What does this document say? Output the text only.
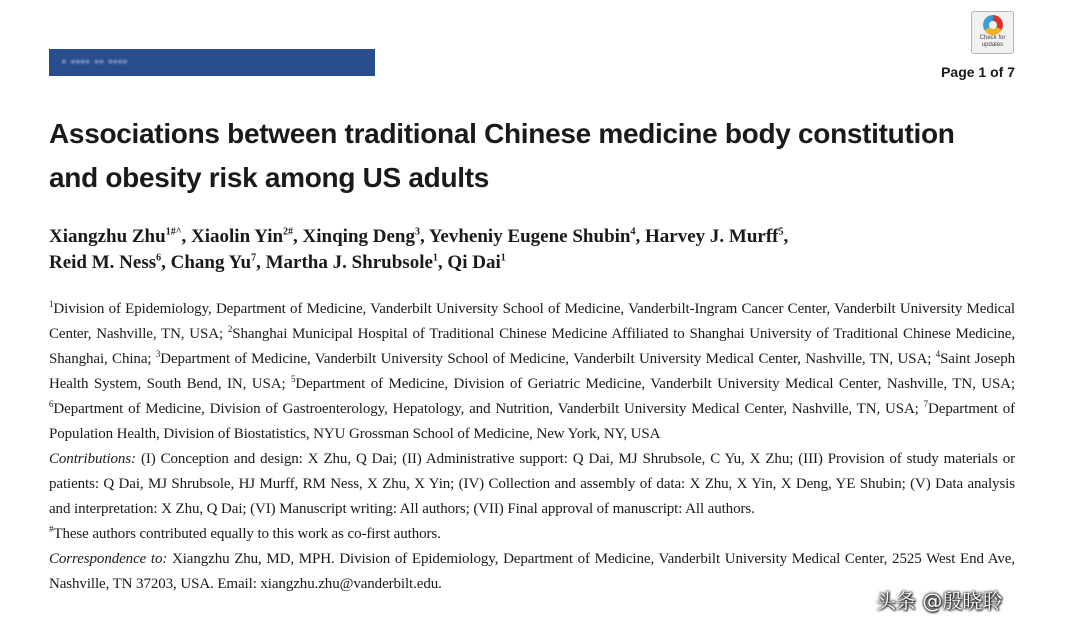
▪ ▪▪▪▪ ▪▪ ▪▪▪▪
Check for updates
Page 1 of 7
Associations between traditional Chinese medicine body constitution and obesity risk among US adults
Xiangzhu Zhu$^{1\#\^{}}$, Xiaolin Yin$^{2\#}$, Xinqing Deng$^3$, Yevheniy Eugene Shubin$^4$, Harvey J. Murff$^5$,
Reid M. Ness$^6$, Chang Yu$^7$, Martha J. Shrubsole$^1$, Qi Dai$^1$

$^1$Division of Epidemiology, Department of Medicine, Vanderbilt University School of Medicine, Vanderbilt-Ingram Cancer Center, Vanderbilt University Medical Center, Nashville, TN, USA; $^2$Shanghai Municipal Hospital of Traditional Chinese Medicine Affiliated to Shanghai University of Traditional Chinese Medicine, Shanghai, China; $^3$Department of Medicine, Vanderbilt University School of Medicine, Vanderbilt University Medical Center, Nashville, TN, USA; $^4$Saint Joseph Health System, South Bend, IN, USA; $^5$Department of Medicine, Division of Geriatric Medicine, Vanderbilt University Medical Center, Nashville, TN, USA; $^6$Department of Medicine, Division of Gastroenterology, Hepatology, and Nutrition, Vanderbilt University Medical Center, Nashville, TN, USA; $^7$Department of Population Health, Division of Biostatistics, NYU Grossman School of Medicine, New York, NY, USA

Contributions: (I) Conception and design: X Zhu, Q Dai; (II) Administrative support: Q Dai, MJ Shrubsole, C Yu, X Zhu; (III) Provision of study materials or patients: Q Dai, MJ Shrubsole, HJ Murff, RM Ness, X Zhu, X Yin; (IV) Collection and assembly of data: X Zhu, X Yin, X Deng, YE Shubin; (V) Data analysis and interpretation: X Zhu, Q Dai; (VI) Manuscript writing: All authors; (VII) Final approval of manuscript: All authors.

#These authors contributed equally to this work as co-first authors.

Correspondence to: Xiangzhu Zhu, MD, MPH. Division of Epidemiology, Department of Medicine, Vanderbilt University Medical Center, 2525 West End Ave, Nashville, TN 37203, USA. Email: xiangzhu.zhu@vanderbilt.edu.

头条 @殷晓聆
